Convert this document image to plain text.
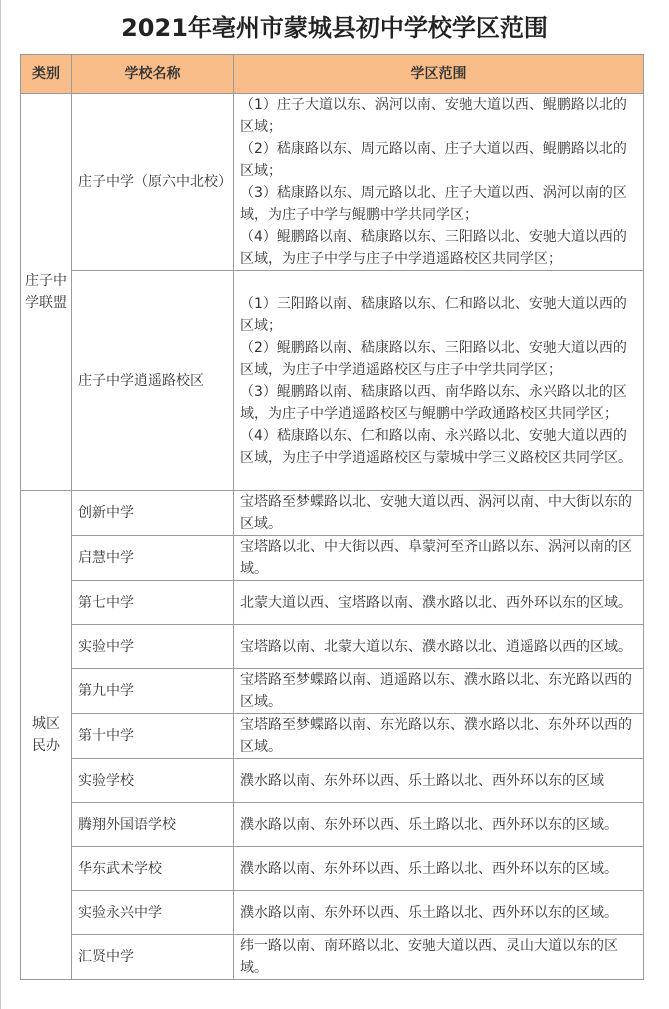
2021年亳州市蒙城县初中学校学区范围
类别	学校名称	学区范围

庄子中学联盟	庄子中学（原六中北校）	（1）庄子大道以东、涡河以南、安驰大道以西、鲲鹏路以北的区域；
（2）嵇康路以东、周元路以南、庄子大道以西、鲲鹏路以北的区域；
（3）嵇康路以东、周元路以北、庄子大道以西、涡河以南的区域，为庄子中学与鲲鹏中学共同学区；
（4）鲲鹏路以南、嵇康路以东、三阳路以北、安驰大道以西的区域，为庄子中学与庄子中学逍遥路校区共同学区；

	庄子中学逍遥路校区	（1）三阳路以南、嵇康路以东、仁和路以北、安驰大道以西的区域；
（2）鲲鹏路以南、嵇康路以东、三阳路以北、安驰大道以西的区域，为庄子中学逍遥路校区与庄子中学共同学区；
（3）鲲鹏路以南、嵇康路以西、南华路以东、永兴路以北的区域，为庄子中学逍遥路校区与鲲鹏中学政通路校区共同学区；
（4）嵇康路以东、仁和路以南、永兴路以北、安驰大道以西的区域，为庄子中学逍遥路校区与蒙城中学三义路校区共同学区。

城区民办	创新中学	宝塔路至梦蝶路以北、安驰大道以西、涡河以南、中大街以东的区域。

	启慧中学	宝塔路以北、中大街以西、阜蒙河至齐山路以东、涡河以南的区域。

	第七中学	北蒙大道以西、宝塔路以南、濮水路以北、西外环以东的区域。

	实验中学	宝塔路以南、北蒙大道以东、濮水路以北、逍遥路以西的区域。

	第九中学	宝塔路至梦蝶路以南、逍遥路以东、濮水路以北、东光路以西的区域。

	第十中学	宝塔路至梦蝶路以南、东光路以东、濮水路以北、东外环以西的区域。

	实验学校	濮水路以南、东外环以西、乐土路以北、西外环以东的区域

	腾翔外国语学校	濮水路以南、东外环以西、乐土路以北、西外环以东的区域。

	华东武术学校	濮水路以南、东外环以西、乐土路以北、西外环以东的区域。

	实验永兴中学	濮水路以南、东外环以西、乐土路以北、西外环以东的区域。

	汇贤中学	纬一路以南、南环路以北、安驰大道以西、灵山大道以东的区域。
